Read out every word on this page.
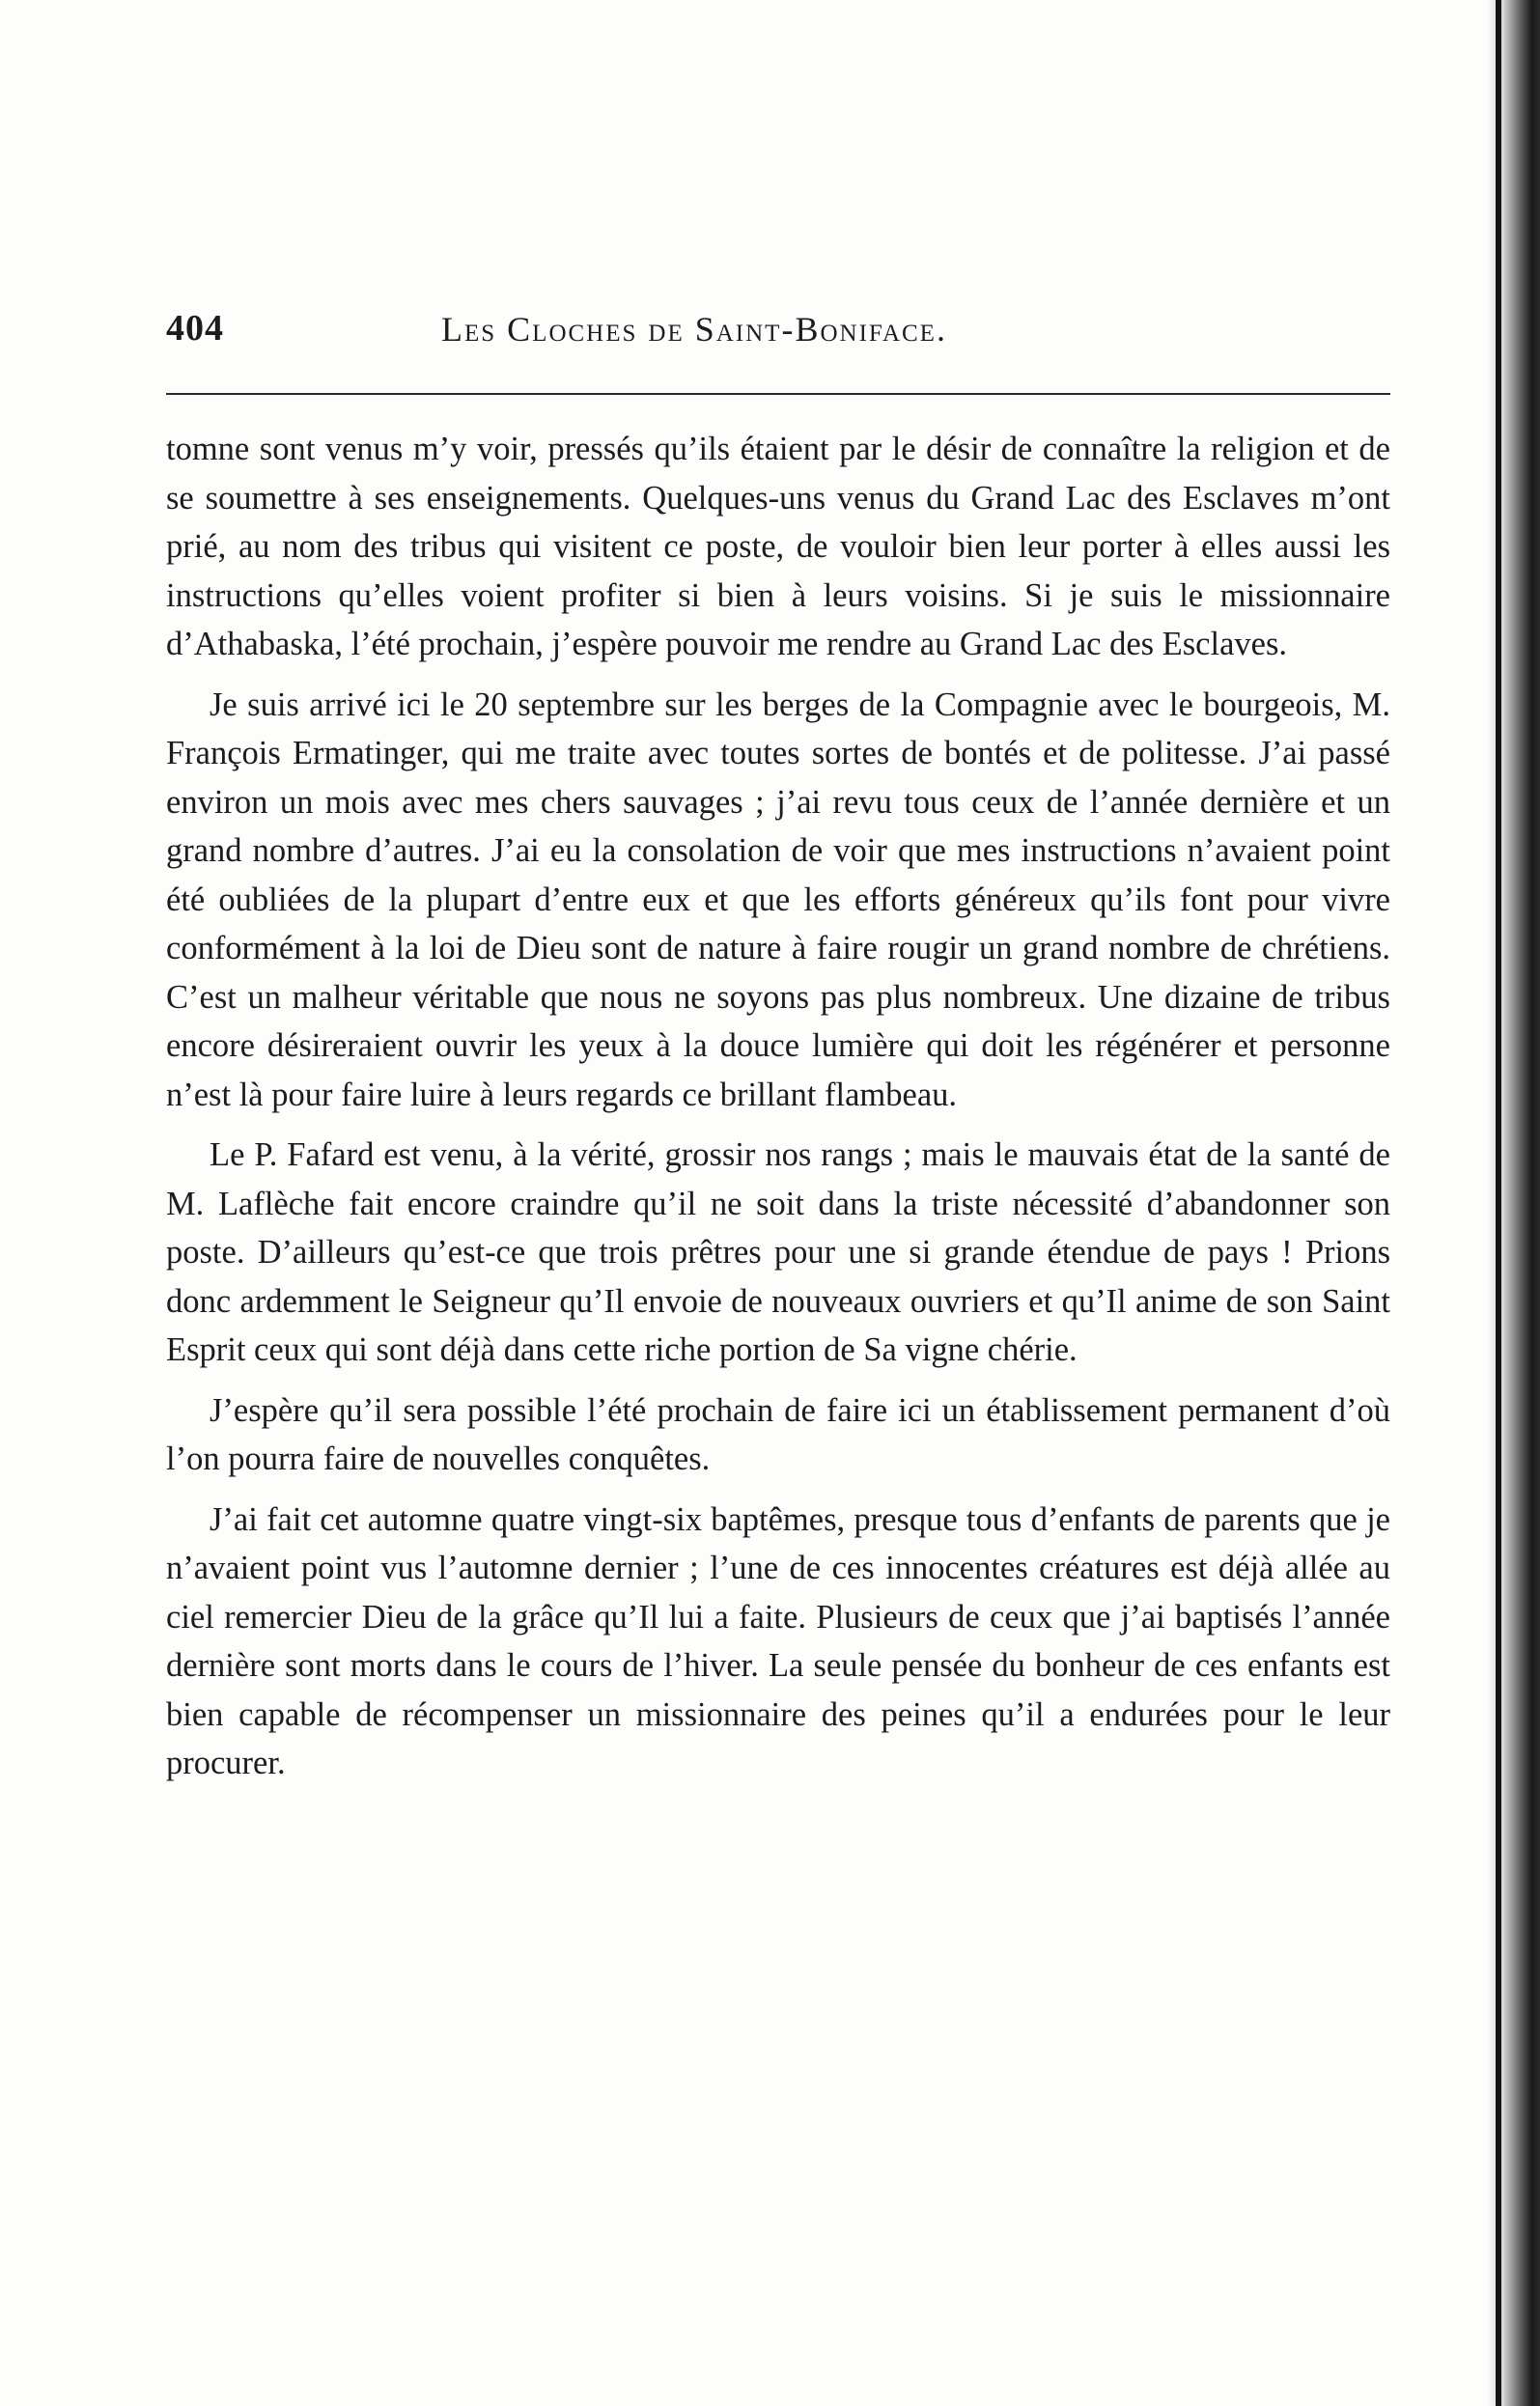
404	Les Cloches de Saint-Boniface.

tomne sont venus m’y voir, pressés qu’ils étaient par le désir de connaître la religion et de se soumettre à ses enseignements. Quelques-uns venus du Grand Lac des Esclaves m’ont prié, au nom des tribus qui visitent ce poste, de vouloir bien leur porter à elles aussi les instructions qu’elles voient profiter si bien à leurs voisins. Si je suis le missionnaire d’Athabaska, l’été prochain, j’espère pouvoir me rendre au Grand Lac des Esclaves.

Je suis arrivé ici le 20 septembre sur les berges de la Compagnie avec le bourgeois, M. François Ermatinger, qui me traite avec toutes sortes de bontés et de politesse. J’ai passé environ un mois avec mes chers sauvages ; j’ai revu tous ceux de l’année dernière et un grand nombre d’autres. J’ai eu la consolation de voir que mes instructions n’avaient point été oubliées de la plupart d’entre eux et que les efforts généreux qu’ils font pour vivre conformément à la loi de Dieu sont de nature à faire rougir un grand nombre de chrétiens. C’est un malheur véritable que nous ne soyons pas plus nombreux. Une dizaine de tribus encore désireraient ouvrir les yeux à la douce lumière qui doit les régénérer et personne n’est là pour faire luire à leurs regards ce brillant flambeau.

Le P. Fafard est venu, à la vérité, grossir nos rangs ; mais le mauvais état de la santé de M. Laflèche fait encore craindre qu’il ne soit dans la triste nécessité d’abandonner son poste. D’ailleurs qu’est-ce que trois prêtres pour une si grande étendue de pays ! Prions donc ardemment le Seigneur qu’Il envoie de nouveaux ouvriers et qu’Il anime de son Saint Esprit ceux qui sont déjà dans cette riche portion de Sa vigne chérie.

J’espère qu’il sera possible l’été prochain de faire ici un établissement permanent d’où l’on pourra faire de nouvelles conquêtes.

J’ai fait cet automne quatre vingt-six baptêmes, presque tous d’enfants de parents que je n’avaient point vus l’automne dernier ; l’une de ces innocentes créatures est déjà allée au ciel remercier Dieu de la grâce qu’Il lui a faite. Plusieurs de ceux que j’ai baptisés l’année dernière sont morts dans le cours de l’hiver. La seule pensée du bonheur de ces enfants est bien capable de récompenser un missionnaire des peines qu’il a endurées pour le leur procurer.
